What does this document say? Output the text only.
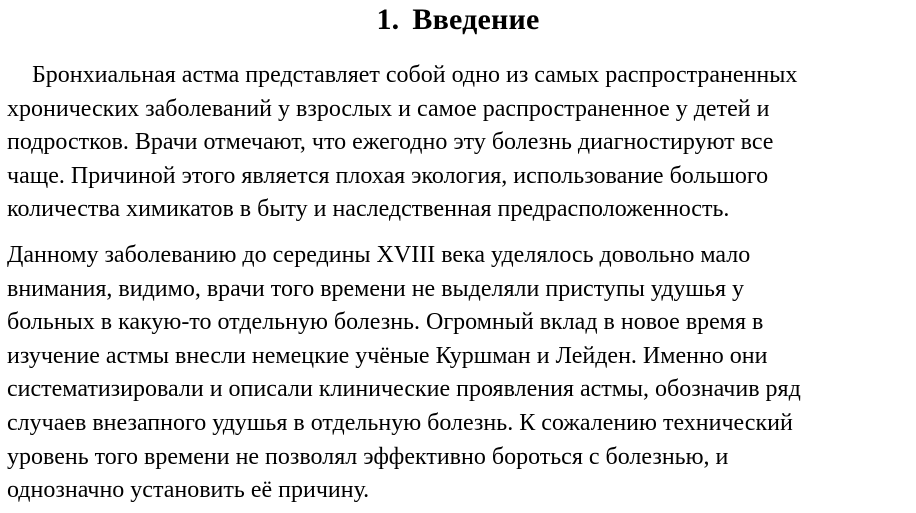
1. Введение
Бронхиальная астма представляет собой одно из самых распространенных
хронических заболеваний у взрослых и самое распространенное у детей и
подростков. Врачи отмечают, что ежегодно эту болезнь диагностируют все
чаще. Причиной этого является плохая экология, использование большого
количества химикатов в быту и наследственная предрасположенность.
Данному заболеванию до середины XVIII века уделялось довольно мало
внимания, видимо, врачи того времени не выделяли приступы удушья у
больных в какую-то отдельную болезнь. Огромный вклад в новое время в
изучение астмы внесли немецкие учёные Куршман и Лейден. Именно они
систематизировали и описали клинические проявления астмы, обозначив ряд
случаев внезапного удушья в отдельную болезнь. К сожалению технический
уровень того времени не позволял эффективно бороться с болезнью, и
однозначно установить её причину.
